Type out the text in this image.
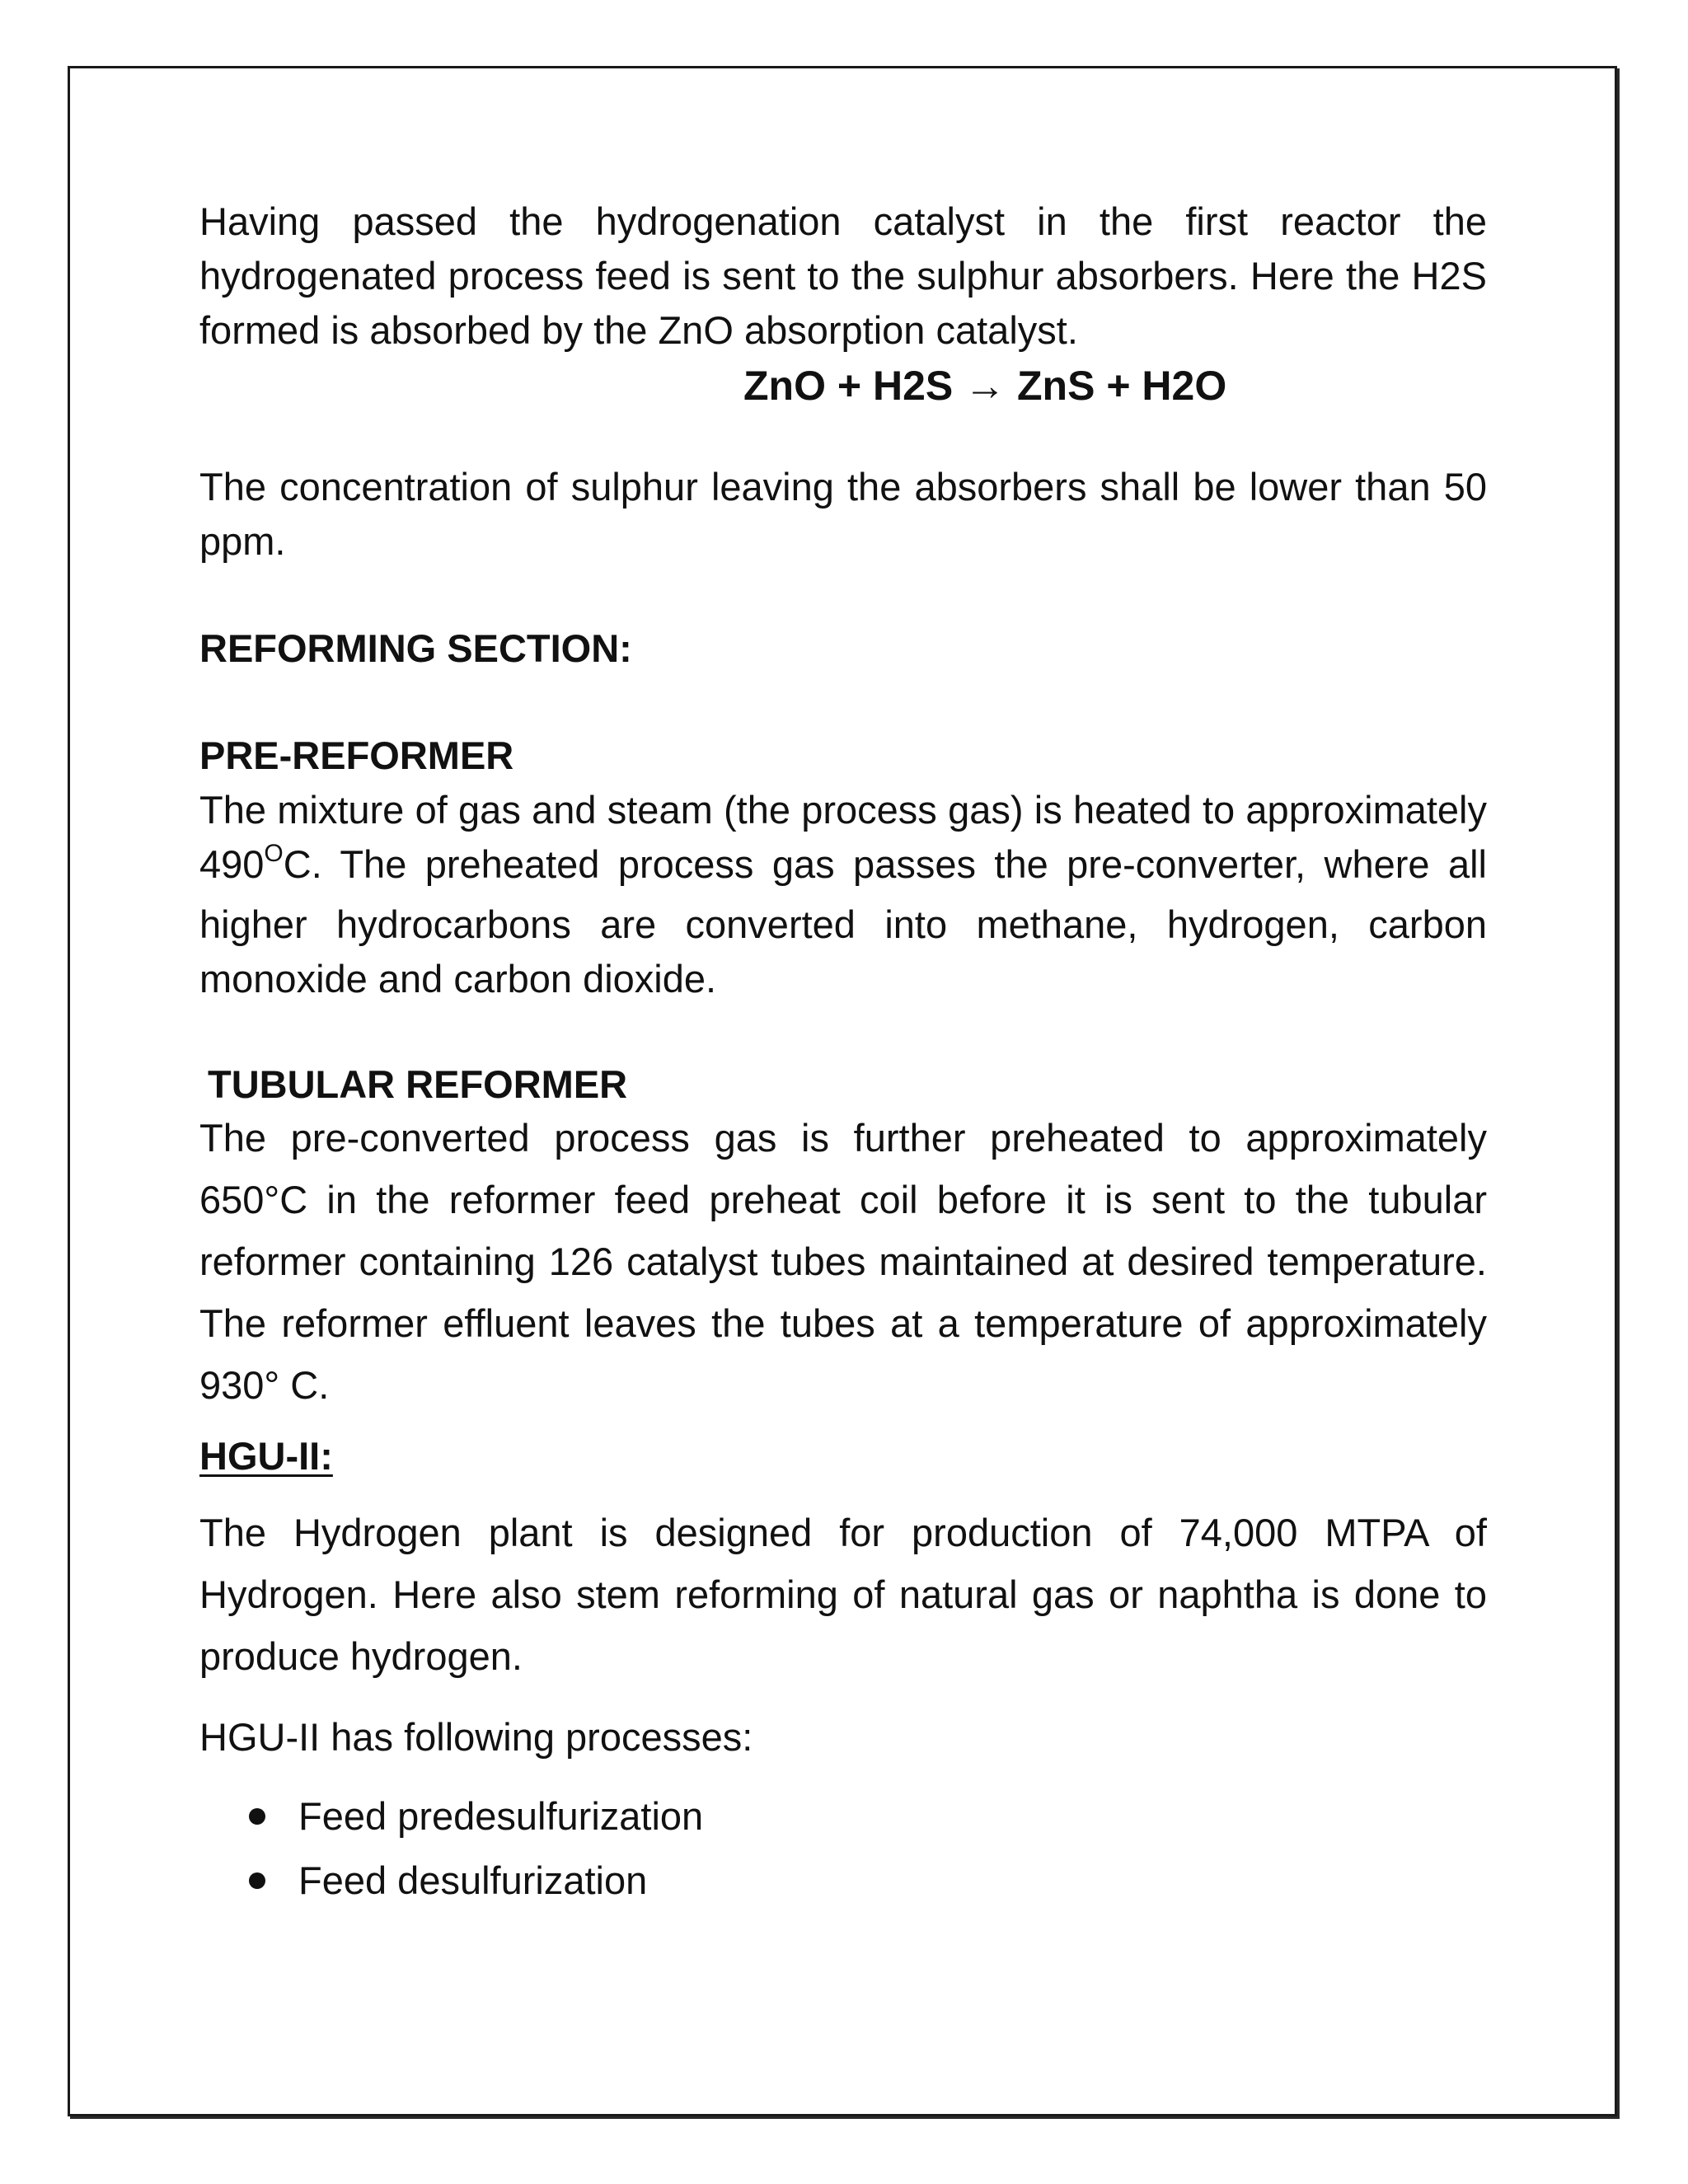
Having passed the hydrogenation catalyst in the first reactor the hydrogenated process feed is sent to the sulphur absorbers. Here the H2S formed is absorbed by the ZnO absorption catalyst.

ZnO + H2S → ZnS + H2O

The concentration of sulphur leaving the absorbers shall be lower than 50 ppm.

REFORMING SECTION:

PRE-REFORMER

The mixture of gas and steam (the process gas) is heated to approximately $490^OC$. The preheated process gas passes the pre-converter, where all higher hydrocarbons are converted into methane, hydrogen, carbon monoxide and carbon dioxide.

TUBULAR REFORMER

The pre-converted process gas is further preheated to approximately 650°C in the reformer feed preheat coil before it is sent to the tubular reformer containing 126 catalyst tubes maintained at desired temperature. The reformer effluent leaves the tubes at a temperature of approximately 930° C.

HGU-II:

The Hydrogen plant is designed for production of 74,000 MTPA of Hydrogen. Here also stem reforming of natural gas or naphtha is done to produce hydrogen.

HGU-II has following processes:

Feed predesulfurization
Feed desulfurization
